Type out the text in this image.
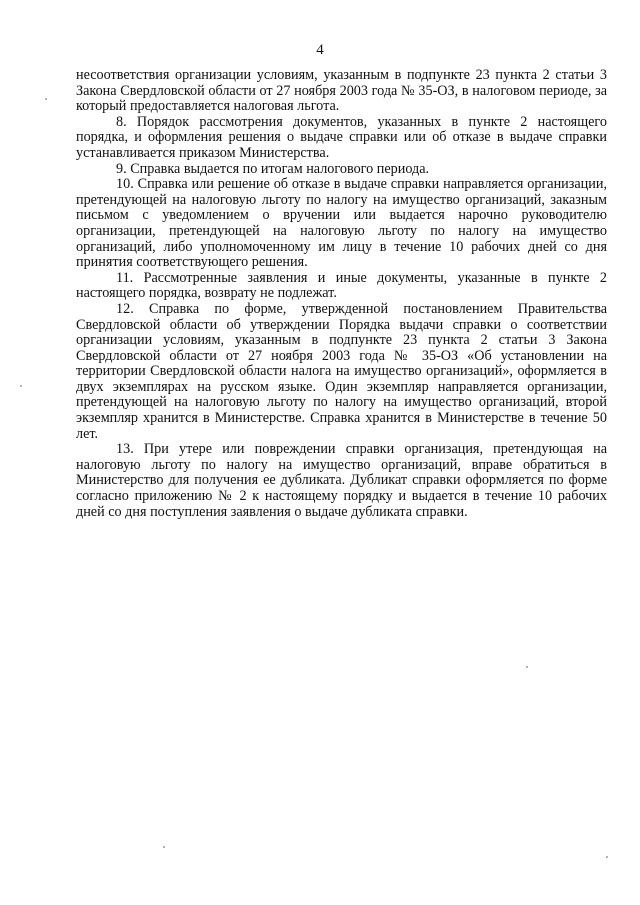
4

несоответствия организации условиям, указанным в подпункте 23 пункта 2 статьи 3 Закона Свердловской области от 27 ноября 2003 года № 35-ОЗ, в налоговом периоде, за который предоставляется налоговая льгота.

8. Порядок рассмотрения документов, указанных в пункте 2 настоящего порядка, и оформления решения о выдаче справки или об отказе в выдаче справки устанавливается приказом Министерства.

9. Справка выдается по итогам налогового периода.

10. Справка или решение об отказе в выдаче справки направляется организации, претендующей на налоговую льготу по налогу на имущество организаций, заказным письмом с уведомлением о вручении или выдается нарочно руководителю организации, претендующей на налоговую льготу по налогу на имущество организаций, либо уполномоченному им лицу в течение 10 рабочих дней со дня принятия соответствующего решения.

11. Рассмотренные заявления и иные документы, указанные в пункте 2 настоящего порядка, возврату не подлежат.

12. Справка по форме, утвержденной постановлением Правительства Свердловской области об утверждении Порядка выдачи справки о соответствии организации условиям, указанным в подпункте 23 пункта 2 статьи 3 Закона Свердловской области от 27 ноября 2003 года № 35-ОЗ «Об установлении на территории Свердловской области налога на имущество организаций», оформляется в двух экземплярах на русском языке. Один экземпляр направляется организации, претендующей на налоговую льготу по налогу на имущество организаций, второй экземпляр хранится в Министерстве. Справка хранится в Министерстве в течение 50 лет.

13. При утере или повреждении справки организация, претендующая на налоговую льготу по налогу на имущество организаций, вправе обратиться в Министерство для получения ее дубликата. Дубликат справки оформляется по форме согласно приложению № 2 к настоящему порядку и выдается в течение 10 рабочих дней со дня поступления заявления о выдаче дубликата справки.
